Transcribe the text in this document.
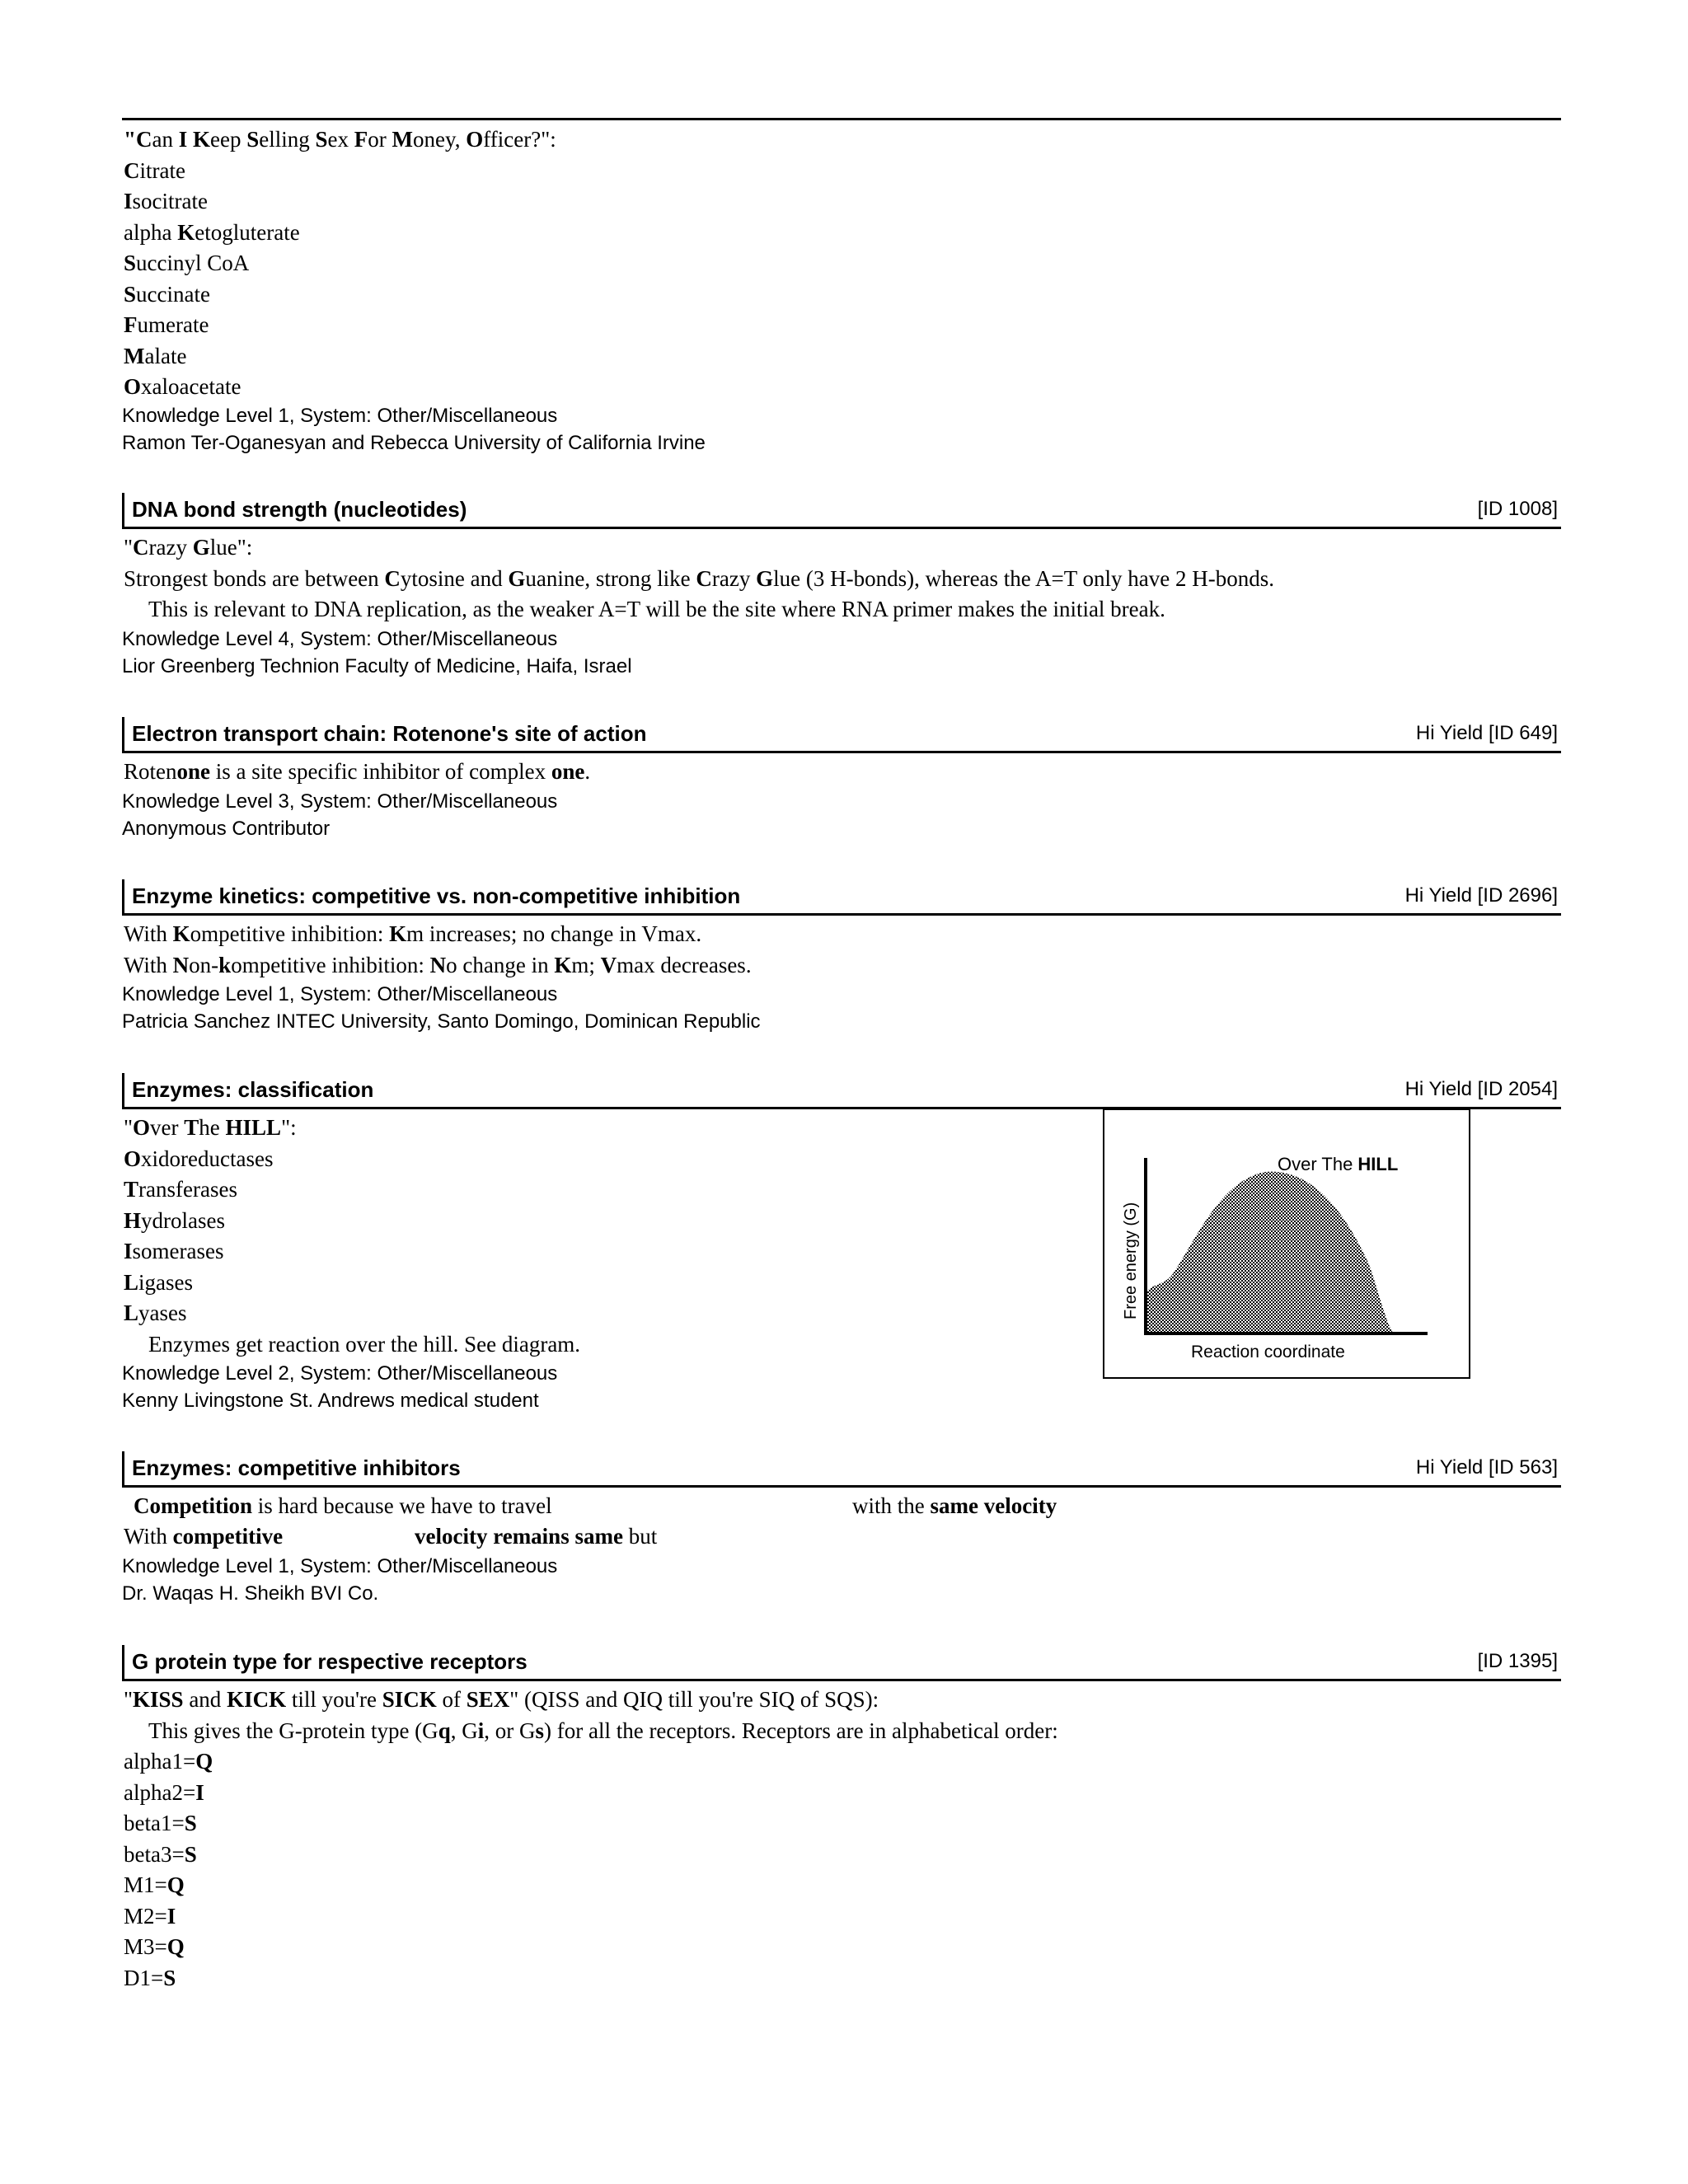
"Can I Keep Selling Sex For Money, Officer?":
Citrate
Isocitrate
alpha Ketogluterate
Succinyl CoA
Succinate
Fumerate
Malate
Oxaloacetate
Knowledge Level 1, System: Other/Miscellaneous
Ramon Ter-Oganesyan and Rebecca University of California Irvine
DNA bond strength (nucleotides)	[ID 1008]
"Crazy Glue":
Strongest bonds are between Cytosine and Guanine, strong like Crazy Glue (3 H-bonds), whereas the A=T only have 2 H-bonds.
This is relevant to DNA replication, as the weaker A=T will be the site where RNA primer makes the initial break.
Knowledge Level 4, System: Other/Miscellaneous
Lior Greenberg Technion Faculty of Medicine, Haifa, Israel
Electron transport chain: Rotenone's site of action	Hi Yield [ID 649]
Rotenone is a site specific inhibitor of complex one.
Knowledge Level 3, System: Other/Miscellaneous
Anonymous Contributor
Enzyme kinetics: competitive vs. non-competitive inhibition	Hi Yield [ID 2696]
With Kompetitive inhibition: Km increases; no change in Vmax.
With Non-kompetitive inhibition: No change in Km; Vmax decreases.
Knowledge Level 1, System: Other/Miscellaneous
Patricia Sanchez INTEC University, Santo Domingo, Dominican Republic
Enzymes: classification	Hi Yield [ID 2054]
"Over The HILL":
Oxidoreductases
Transferases
Hydrolases
Isomerases
Ligases
Lyases
Enzymes get reaction over the hill. See diagram.
Knowledge Level 2, System: Other/Miscellaneous
Kenny Livingstone St. Andrews medical student
Over The HILL
Free energy (G)
Reaction coordinate
Enzymes: competitive inhibitors	Hi Yield [ID 563]
Competition is hard because we have to travel	with the same velocity
With competitive	velocity remains same but
Knowledge Level 1, System: Other/Miscellaneous
Dr. Waqas H. Sheikh BVI Co.
G protein type for respective receptors	[ID 1395]
"KISS and KICK till you're SICK of SEX" (QISS and QIQ till you're SIQ of SQS):
This gives the G-protein type (Gq, Gi, or Gs) for all the receptors. Receptors are in alphabetical order:
alpha1=Q
alpha2=I
beta1=S
beta3=S
M1=Q
M2=I
M3=Q
D1=S
